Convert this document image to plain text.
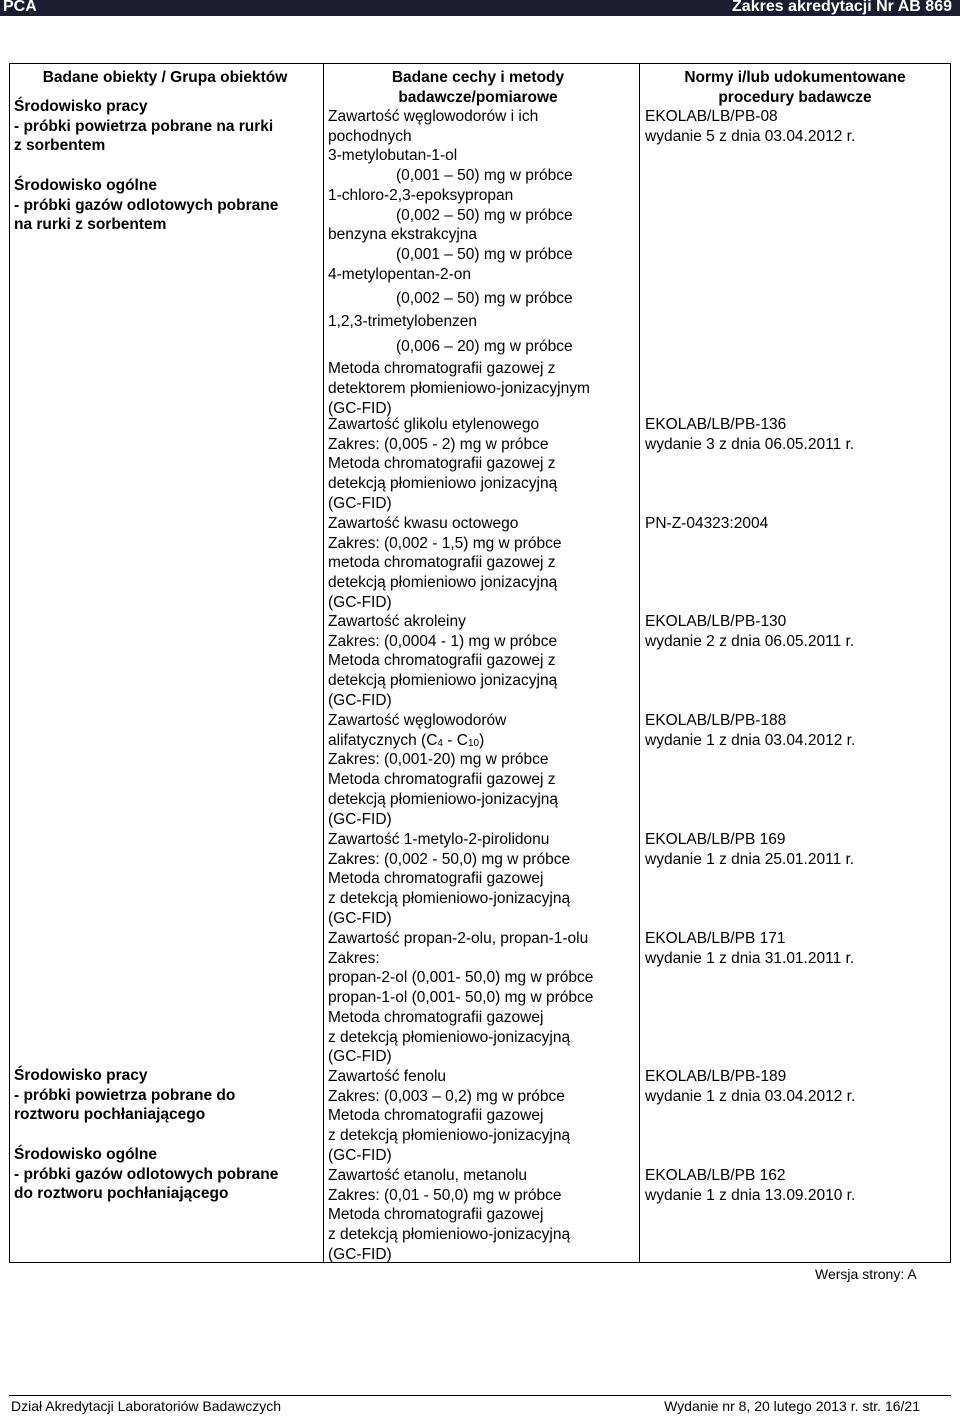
PCA	Zakres akredytacji Nr AB 869
Badane obiekty / Grupa obiektów
Środowisko pracy
- próbki powietrza pobrane na rurki
z sorbentem

Środowisko ogólne
- próbki gazów odlotowych pobrane
na rurki z sorbentem
Środowisko pracy
- próbki powietrza pobrane do
roztworu pochłaniającego

Środowisko ogólne
- próbki gazów odlotowych pobrane
do roztworu pochłaniającego
Badane cechy i metody
badawcze/pomiarowe
Zawartość węglowodorów i ich
pochodnych
3-metylobutan-1-ol
(0,001 – 50) mg w próbce
1-chloro-2,3-epoksypropan
(0,002 – 50) mg w próbce
benzyna ekstrakcyjna
(0,001 – 50) mg w próbce
4-metylopentan-2-on
(0,002 – 50) mg w próbce
1,2,3-trimetylobenzen
(0,006 – 20) mg w próbce
Metoda chromatografii gazowej z
detektorem płomieniowo-jonizacyjnym
(GC-FID)
Zawartość glikolu etylenowego
Zakres: (0,005 - 2) mg w próbce
Metoda chromatografii gazowej z
detekcją płomieniowo jonizacyjną
(GC-FID)
Zawartość kwasu octowego
Zakres: (0,002 - 1,5) mg w próbce
metoda chromatografii gazowej z
detekcją płomieniowo jonizacyjną
(GC-FID)
Zawartość akroleiny
Zakres: (0,0004 - 1) mg w próbce
Metoda chromatografii gazowej z
detekcją płomieniowo jonizacyjną
(GC-FID)
Zawartość węglowodorów
alifatycznych $(C_4 - C_{10})$
Zakres: (0,001-20) mg w próbce
Metoda chromatografii gazowej z
detekcją płomieniowo-jonizacyjną
(GC-FID)
Zawartość 1-metylo-2-pirolidonu
Zakres: (0,002 - 50,0) mg w próbce
Metoda chromatografii gazowej
z detekcją płomieniowo-jonizacyjną
(GC-FID)
Zawartość propan-2-olu, propan-1-olu
Zakres:
propan-2-ol (0,001- 50,0) mg w próbce
propan-1-ol (0,001- 50,0) mg w próbce
Metoda chromatografii gazowej
z detekcją płomieniowo-jonizacyjną
(GC-FID)
Zawartość fenolu
Zakres: (0,003 – 0,2) mg w próbce
Metoda chromatografii gazowej
z detekcją płomieniowo-jonizacyjną
(GC-FID)
Zawartość etanolu, metanolu
Zakres: (0,01 - 50,0) mg w próbce
Metoda chromatografii gazowej
z detekcją płomieniowo-jonizacyjną
(GC-FID)
Normy i/lub udokumentowane
procedury badawcze
EKOLAB/LB/PB-08
wydanie 5 z dnia 03.04.2012 r.
EKOLAB/LB/PB-136
wydanie 3 z dnia 06.05.2011 r.
PN-Z-04323:2004
EKOLAB/LB/PB-130
wydanie 2 z dnia 06.05.2011 r.
EKOLAB/LB/PB-188
wydanie 1 z dnia 03.04.2012 r.
EKOLAB/LB/PB 169
wydanie 1 z dnia 25.01.2011 r.
EKOLAB/LB/PB 171
wydanie 1 z dnia 31.01.2011 r.
EKOLAB/LB/PB-189
wydanie 1 z dnia 03.04.2012 r.
EKOLAB/LB/PB 162
wydanie 1 z dnia 13.09.2010 r.
Wersja strony: A
Dział Akredytacji Laboratoriów Badawczych	Wydanie nr 8, 20 lutego 2013 r. str. 16/21
